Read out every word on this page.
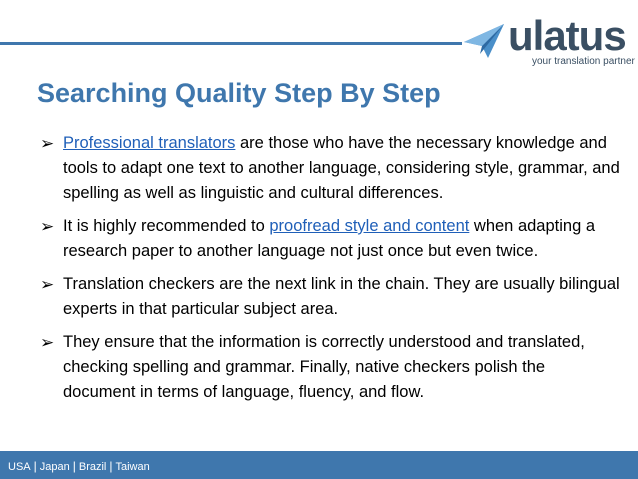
ulatus
your translation partner
Searching Quality Step By Step
➢ Professional translators are those who have the necessary knowledge and tools to adapt one text to another language, considering style, grammar, and spelling as well as linguistic and cultural differences.
➢ It is highly recommended to proofread style and content when adapting a research paper to another language not just once but even twice.
➢ Translation checkers are the next link in the chain. They are usually bilingual experts in that particular subject area.
➢ They ensure that the information is correctly understood and translated, checking spelling and grammar. Finally, native checkers polish the document in terms of language, fluency, and flow.
USA | Japan | Brazil | Taiwan
